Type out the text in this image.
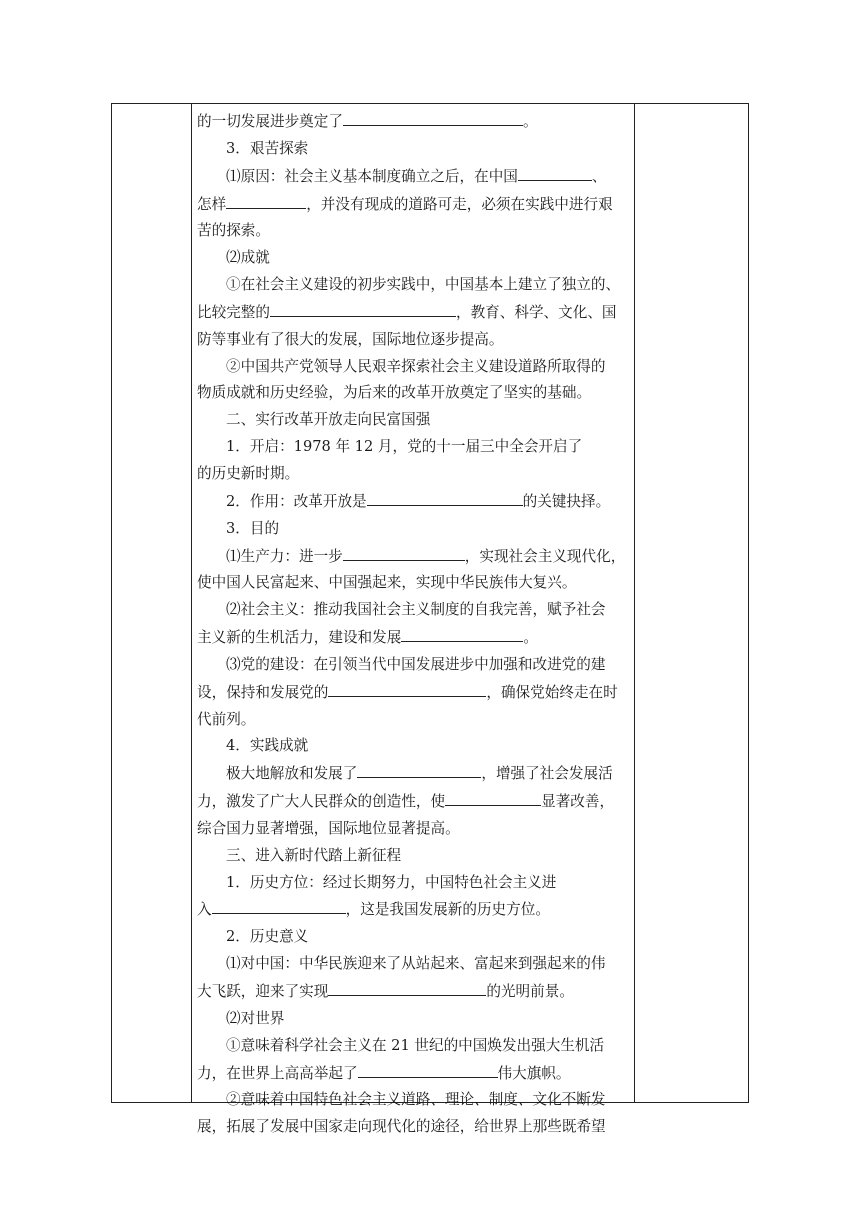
的一切发展进步奠定了	。

3．艰苦探索

⑴原因：社会主义基本制度确立之后，在中国	、

怎样	，并没有现成的道路可走，必须在实践中进行艰

苦的探索。

⑵成就

①在社会主义建设的初步实践中，中国基本上建立了独立的、

比较完整的	，教育、科学、文化、国

防等事业有了很大的发展，国际地位逐步提高。

②中国共产党领导人民艰辛探索社会主义建设道路所取得的

物质成就和历史经验，为后来的改革开放奠定了坚实的基础。

二、实行改革开放走向民富国强

1．开启：1978 年 12 月，党的十一届三中全会开启了

的历史新时期。

2．作用：改革开放是	的关键抉择。

3．目的

⑴生产力：进一步	，实现社会主义现代化，

使中国人民富起来、中国强起来，实现中华民族伟大复兴。

⑵社会主义：推动我国社会主义制度的自我完善，赋予社会

主义新的生机活力，建设和发展	。

⑶党的建设：在引领当代中国发展进步中加强和改进党的建

设，保持和发展党的	，确保党始终走在时

代前列。

4．实践成就

极大地解放和发展了	，增强了社会发展活

力，激发了广大人民群众的创造性，使	显著改善，

综合国力显著增强，国际地位显著提高。

三、进入新时代踏上新征程

1．历史方位：经过长期努力，中国特色社会主义进

入	，这是我国发展新的历史方位。

2．历史意义

⑴对中国：中华民族迎来了从站起来、富起来到强起来的伟

大飞跃，迎来了实现	的光明前景。

⑵对世界

①意味着科学社会主义在 21 世纪的中国焕发出强大生机活

力，在世界上高高举起了	伟大旗帜。

②意味着中国特色社会主义道路、理论、制度、文化不断发

展，拓展了发展中国家走向现代化的途径，给世界上那些既希望
